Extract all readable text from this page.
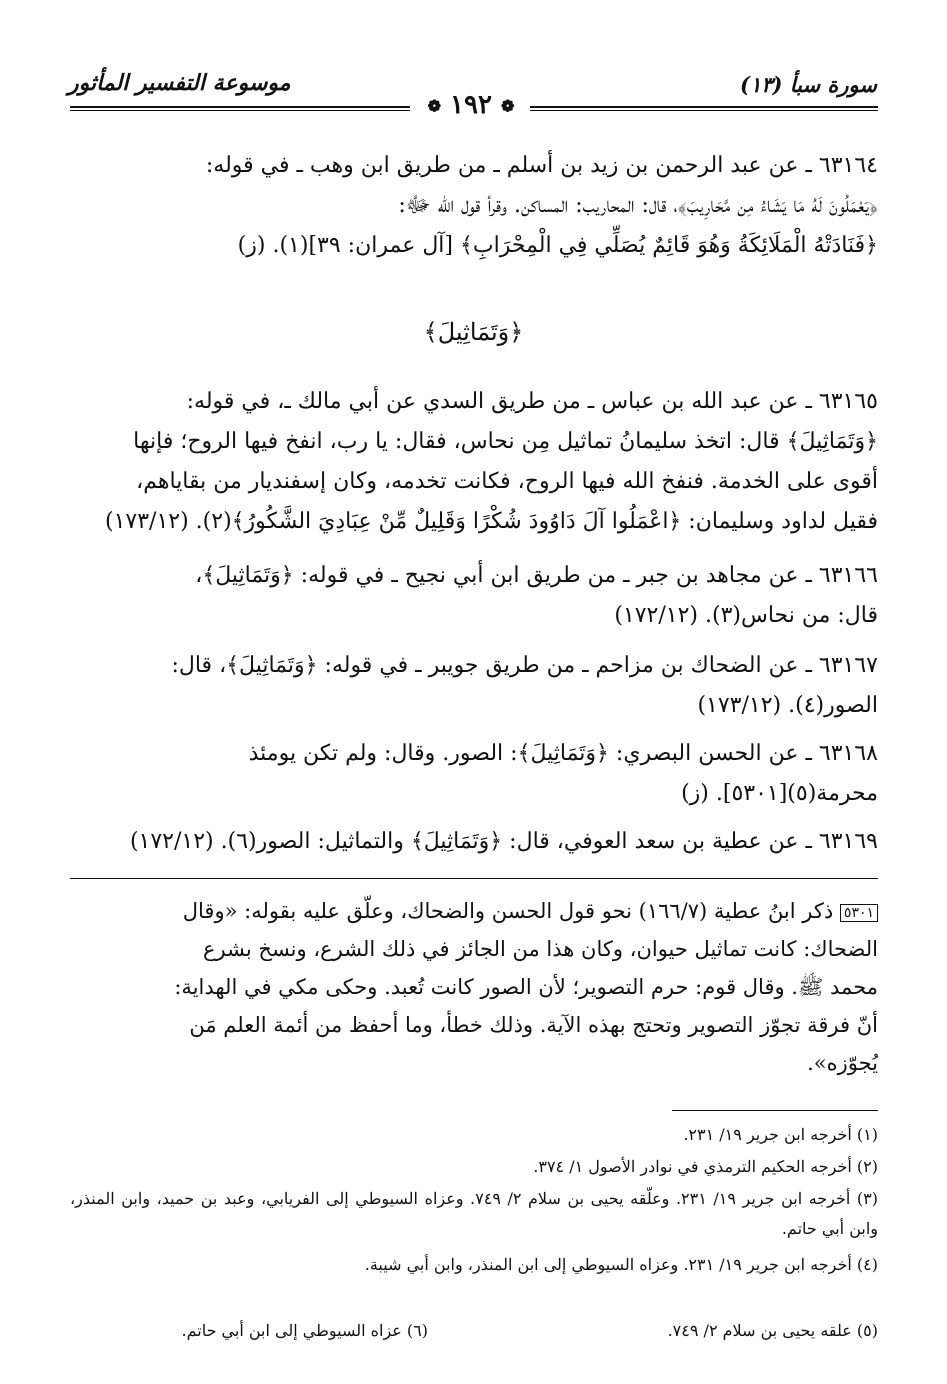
موسوعة التفسير المأثور	سورة سبأ (١٣)
❁ ١٩٢ ❁
٦٣١٦٤ ـ عن عبد الرحمن بن زيد بن أسلم ـ من طريق ابن وهب ـ في قوله:
﴿يَعْمَلُونَ لَهُ مَا يَشَاءُ مِن مَّحَارِيبَ﴾، قال: المحاريب: المساكن. وقرأ قول الله ﷻ:
﴿فَنَادَتْهُ الْمَلَائِكَةُ وَهُوَ قَائِمٌ يُصَلِّي فِي الْمِحْرَابِ﴾ [آل عمران: ٣٩](١). (ز)
﴿وَتَمَاثِيلَ﴾
٦٣١٦٥ ـ عن عبد الله بن عباس ـ من طريق السدي عن أبي مالك ـ، في قوله:
﴿وَتَمَاثِيلَ﴾ قال: اتخذ سليمانُ تماثيل مِن نحاس، فقال: يا رب، انفخ فيها الروح؛ فإنها
أقوى على الخدمة. فنفخ الله فيها الروح، فكانت تخدمه، وكان إسفنديار من بقاياهم،
فقيل لداود وسليمان: ﴿اعْمَلُوا آلَ دَاوُودَ شُكْرًا وَقَلِيلٌ مِّنْ عِبَادِيَ الشَّكُورُ﴾(٢). (١٧٣/١٢)
٦٣١٦٦ ـ عن مجاهد بن جبر ـ من طريق ابن أبي نجيح ـ في قوله: ﴿وَتَمَاثِيلَ﴾،
قال: من نحاس(٣). (١٧٢/١٢)
٦٣١٦٧ ـ عن الضحاك بن مزاحم ـ من طريق جويبر ـ في قوله: ﴿وَتَمَاثِيلَ﴾، قال:
الصور(٤). (١٧٣/١٢)
٦٣١٦٨ ـ عن الحسن البصري: ﴿وَتَمَاثِيلَ﴾: الصور. وقال: ولم تكن يومئذ
محرمة(٥)[٥٣٠١]. (ز)
٦٣١٦٩ ـ عن عطية بن سعد العوفي، قال: ﴿وَتَمَاثِيلَ﴾ والتماثيل: الصور(٦). (١٧٢/١٢)
٥٣٠١ ذكر ابنُ عطية (١٦٦/٧) نحو قول الحسن والضحاك، وعلّق عليه بقوله: «وقال
الضحاك: كانت تماثيل حيوان، وكان هذا من الجائز في ذلك الشرع، ونسخ بشرع
محمد ﷺ. وقال قوم: حرم التصوير؛ لأن الصور كانت تُعبد. وحكى مكي في الهداية:
أنّ فرقة تجوّز التصوير وتحتج بهذه الآية. وذلك خطأ، وما أحفظ من أئمة العلم مَن
يُجوّزه».
(١) أخرجه ابن جرير ١٩/ ٢٣١.
(٢) أخرجه الحكيم الترمذي في نوادر الأصول ١/ ٣٧٤.
(٣) أخرجه ابن جرير ١٩/ ٢٣١. وعلّقه يحيى بن سلام ٢/ ٧٤٩. وعزاه السيوطي إلى الفريابي، وعبد بن حميد، وابن المنذر، وابن أبي حاتم.
(٤) أخرجه ابن جرير ١٩/ ٢٣١. وعزاه السيوطي إلى ابن المنذر، وابن أبي شيبة.
(٥) علقه يحيى بن سلام ٢/ ٧٤٩.
(٦) عزاه السيوطي إلى ابن أبي حاتم.
